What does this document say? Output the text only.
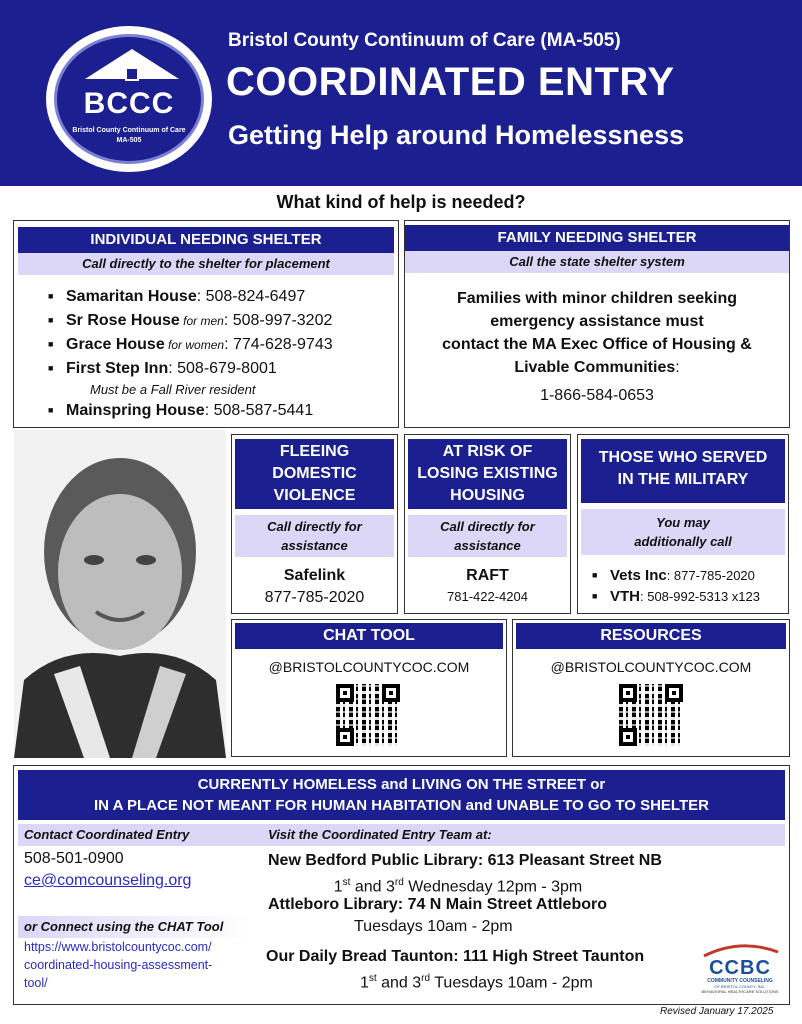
BCCC
Bristol County Continuum of Care
MA-505
Bristol County Continuum of Care (MA-505)
COORDINATED ENTRY
Getting Help around Homelessness
What kind of help is needed?
INDIVIDUAL NEEDING SHELTER
Call directly to the shelter for placement
■ Samaritan House: 508-824-6497
■ Sr Rose House for men: 508-997-3202
■ Grace House for women: 774-628-9743
■ First Step Inn: 508-679-8001
Must be a Fall River resident
■ Mainspring House: 508-587-5441
FAMILY NEEDING SHELTER
Call the state shelter system
Families with minor children seeking
emergency assistance must
contact the MA Exec Office of Housing &
Livable Communities:
1-866-584-0653
FLEEING
DOMESTIC
VIOLENCE
Call directly for
assistance
Safelink
877-785-2020
AT RISK OF
LOSING EXISTING
HOUSING
Call directly for
assistance
RAFT
781-422-4204
THOSE WHO SERVED
IN THE MILITARY
You may
additionally call
■ Vets Inc: 877-785-2020
■ VTH: 508-992-5313 x123
CHAT TOOL
@BRISTOLCOUNTYCOC.COM
RESOURCES
@BRISTOLCOUNTYCOC.COM
CURRENTLY HOMELESS and LIVING ON THE STREET or
IN A PLACE NOT MEANT FOR HUMAN HABITATION and UNABLE TO GO TO SHELTER
Contact Coordinated Entry	Visit the Coordinated Entry Team at:
508-501-0900
ce@comcounseling.org
or Connect using the CHAT Tool
https://www.bristolcountycoc.com/
coordinated-housing-assessment-
tool/
New Bedford Public Library: 613 Pleasant Street NB
1st and 3rd Wednesday 12pm - 3pm
Attleboro Library: 74 N Main Street Attleboro
Tuesdays 10am - 2pm
Our Daily Bread Taunton: 111 High Street Taunton
1st and 3rd Tuesdays 10am - 2pm
CCBC
COMMUNITY COUNSELING
OF BRISTOL COUNTY, INC.
BEHAVIORAL HEALTHCARE SOLUTIONS
Revised January 17.2025
